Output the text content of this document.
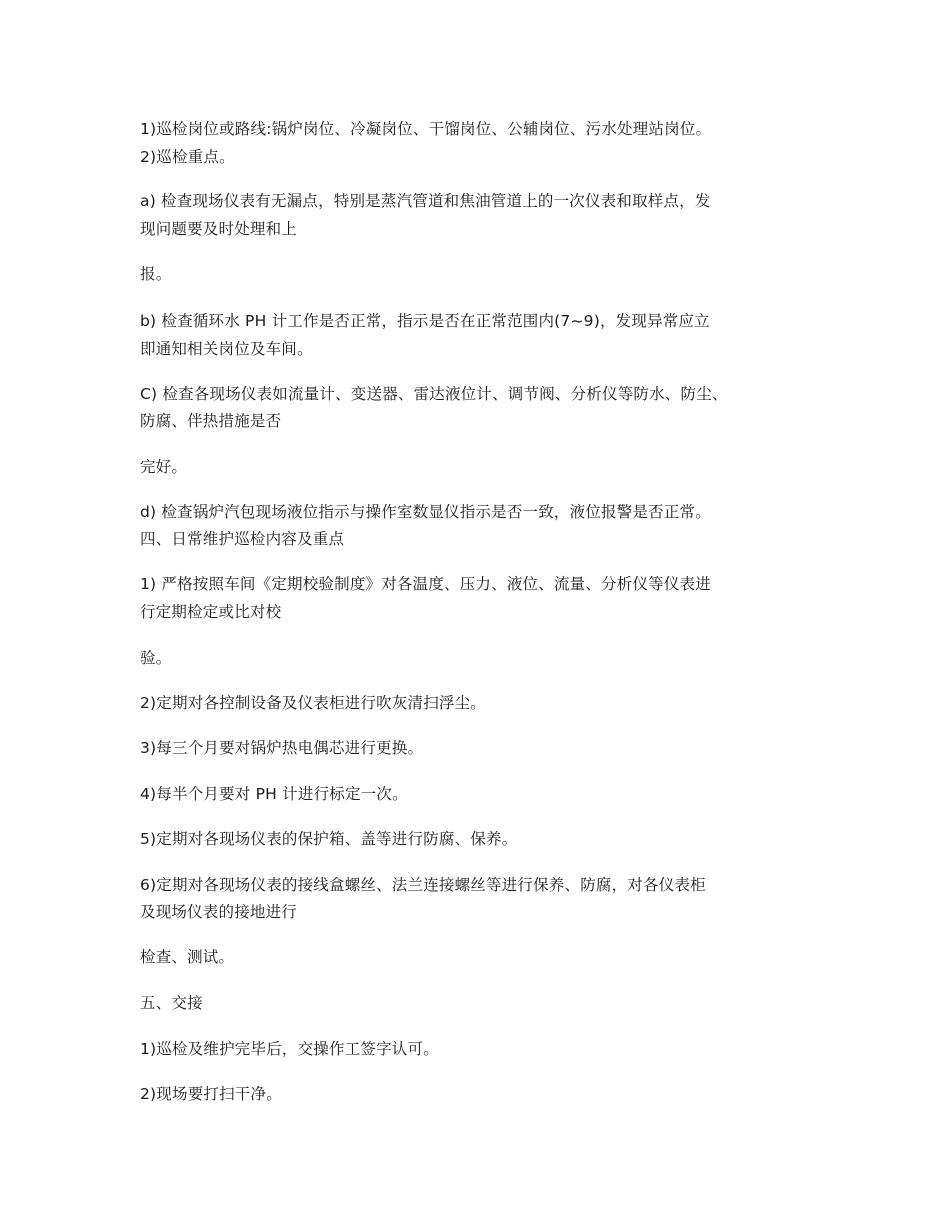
1)巡检岗位或路线:锅炉岗位、冷凝岗位、干馏岗位、公辅岗位、污水处理站岗位。

2)巡检重点。

a) 检查现场仪表有无漏点，特别是蒸汽管道和焦油管道上的一次仪表和取样点，发

现问题要及时处理和上

报。

b) 检查循环水 PH 计工作是否正常，指示是否在正常范围内(7~9)，发现异常应立

即通知相关岗位及车间。

C) 检查各现场仪表如流量计、变送器、雷达液位计、调节阀、分析仪等防水、防尘、

防腐、伴热措施是否

完好。

d) 检查锅炉汽包现场液位指示与操作室数显仪指示是否一致，液位报警是否正常。

四、日常维护巡检内容及重点

1) 严格按照车间《定期校验制度》对各温度、压力、液位、流量、分析仪等仪表进

行定期检定或比对校

验。

2)定期对各控制设备及仪表柜进行吹灰清扫浮尘。

3)每三个月要对锅炉热电偶芯进行更换。

4)每半个月要对 PH 计进行标定一次。

5)定期对各现场仪表的保护箱、盖等进行防腐、保养。

6)定期对各现场仪表的接线盒螺丝、法兰连接螺丝等进行保养、防腐，对各仪表柜

及现场仪表的接地进行

检查、测试。

五、交接

1)巡检及维护完毕后，交操作工签字认可。

2)现场要打扫干净。
